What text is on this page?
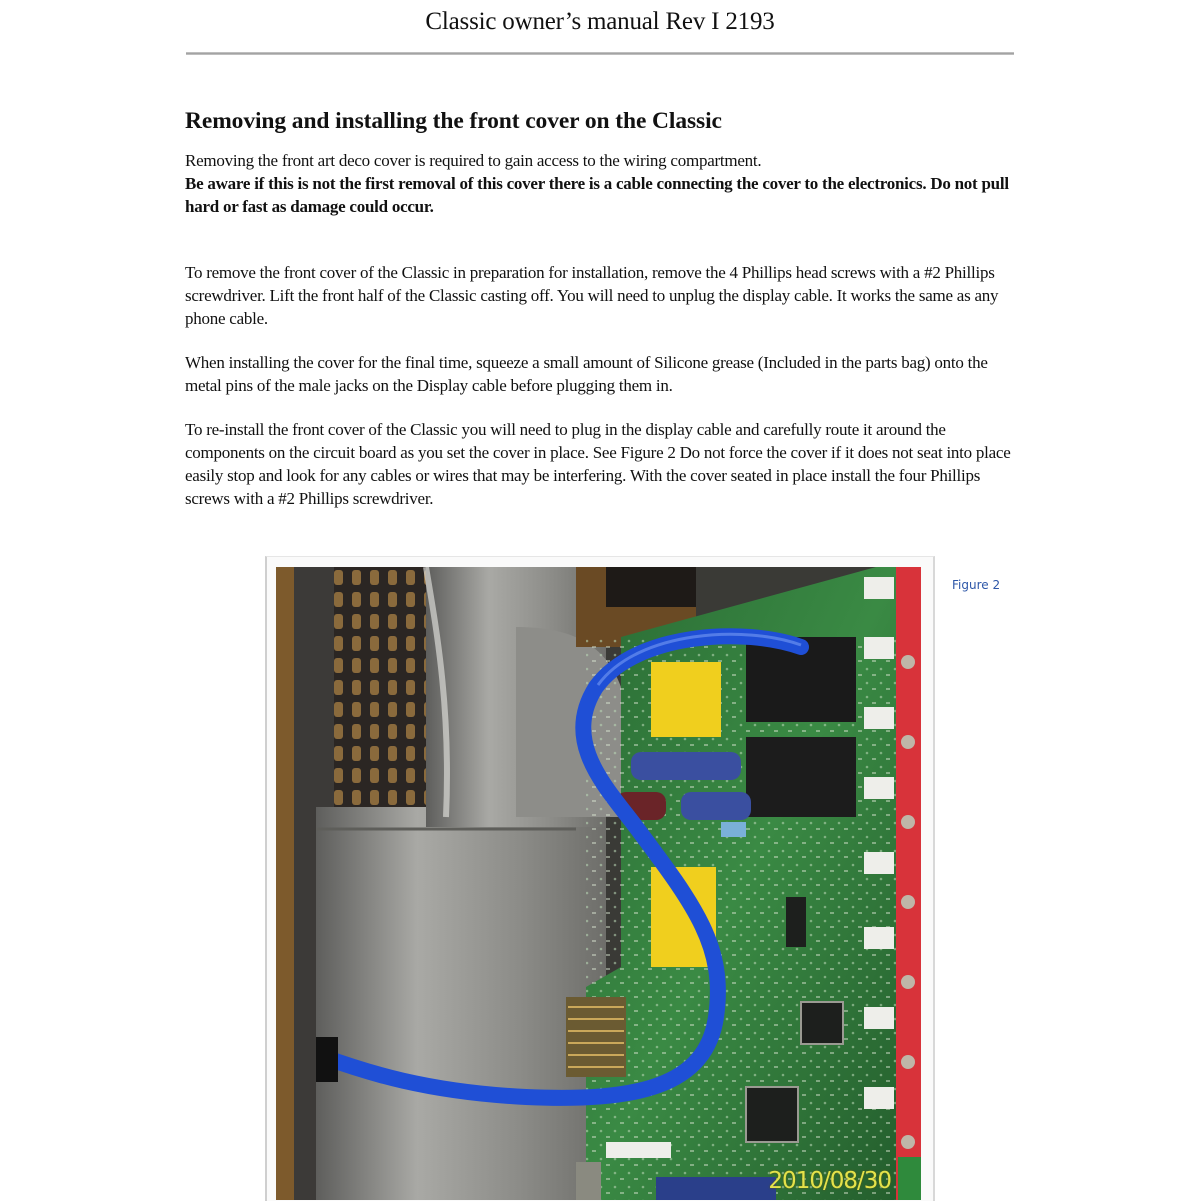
Classic owner’s manual Rev I 2193
Removing and installing the front cover on the Classic

Removing the front art deco cover is required to gain access to the wiring compartment.

Be aware if this is not the first removal of this cover there is a cable connecting the cover to the electronics. Do not pull hard or fast as damage could occur.

To remove the front cover of the Classic in preparation for installation, remove the 4 Phillips head screws with a #2 Phillips screwdriver. Lift the front half of the Classic casting off. You will need to unplug the display cable. It works the same as any phone cable.

When installing the cover for the final time, squeeze a small amount of Silicone grease (Included in the parts bag) onto the metal pins of the male jacks on the Display cable before plugging them in.

To re-install the front cover of the Classic you will need to plug in the display cable and carefully route it around the components on the circuit board as you set the cover in place. See Figure 2 Do not force the cover if it does not seat into place easily stop and look for any cables or wires that may be interfering. With the cover seated in place install the four Phillips screws with a #2 Phillips screwdriver.

2010/08/30
Figure 2
